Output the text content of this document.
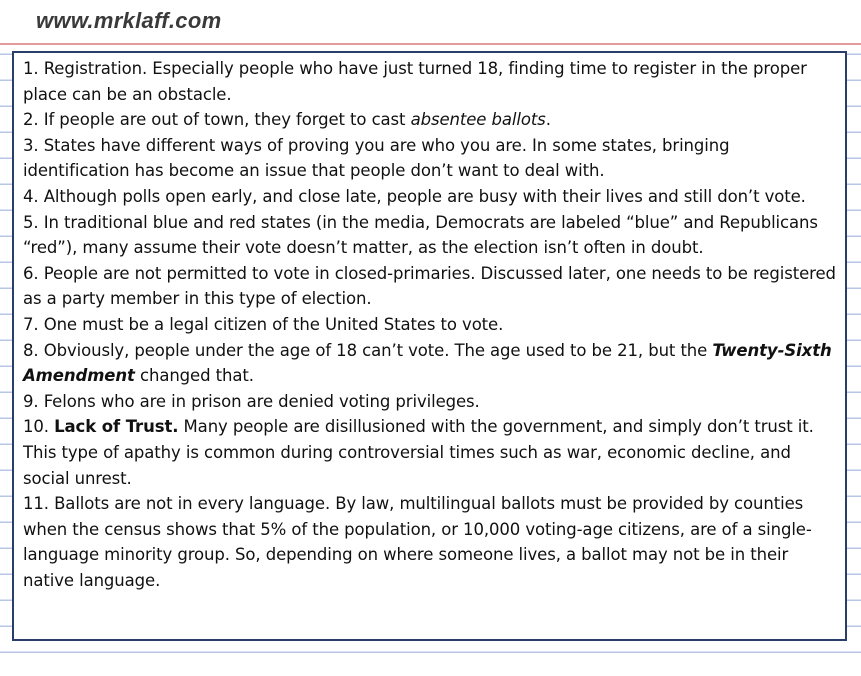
www.mrklaff.com
1. Registration. Especially people who have just turned 18, finding time to register in the proper place can be an obstacle.
2. If people are out of town, they forget to cast absentee ballots.
3. States have different ways of proving you are who you are. In some states, bringing identification has become an issue that people don’t want to deal with.
4. Although polls open early, and close late, people are busy with their lives and still don’t vote.
5. In traditional blue and red states (in the media, Democrats are labeled “blue” and Republicans “red”), many assume their vote doesn’t matter, as the election isn’t often in doubt.
6. People are not permitted to vote in closed-primaries. Discussed later, one needs to be registered as a party member in this type of election.
7. One must be a legal citizen of the United States to vote.
8. Obviously, people under the age of 18 can’t vote. The age used to be 21, but the Twenty-Sixth Amendment changed that.
9. Felons who are in prison are denied voting privileges.
10. Lack of Trust. Many people are disillusioned with the government, and simply don’t trust it. This type of apathy is common during controversial times such as war, economic decline, and social unrest.
11. Ballots are not in every language. By law, multilingual ballots must be provided by counties when the census shows that 5% of the population, or 10,000 voting-age citizens, are of a single-language minority group. So, depending on where someone lives, a ballot may not be in their native language.
